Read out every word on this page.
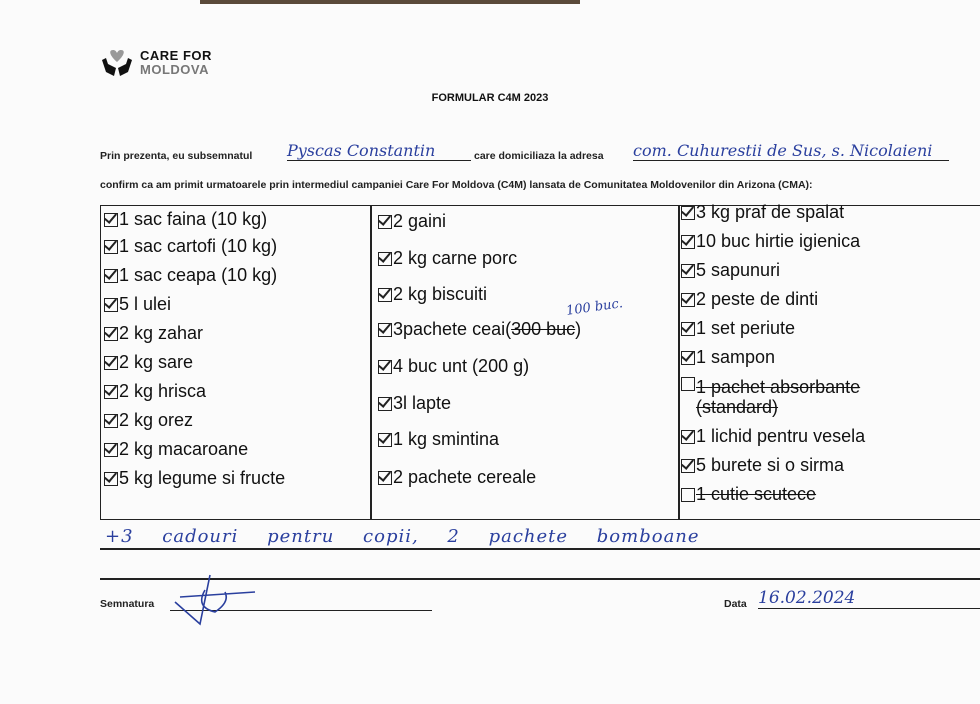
CARE FOR
MOLDOVA
FORMULAR C4M 2023
Prin prezenta, eu subsemnatul Pyscas Constantin	care domiciliaza la adresa com. Cuhurestii de Sus, s. Nicolaieni
confirm ca am primit urmatoarele prin intermediul campaniei Care For Moldova (C4M) lansata de Comunitatea Moldovenilor din Arizona (CMA):
1 sac faina (10 kg)
1 sac cartofi (10 kg)
1 sac ceapa (10 kg)
5 l ulei
2 kg zahar
2 kg sare
2 kg hrisca
2 kg orez
2 kg macaroane
5 kg legume si fructe
2 gaini
2 kg carne porc
2 kg biscuiti
3pachete ceai( 300 buc )
4 buc unt (200 g)
3l lapte
1 kg smintina
2 pachete cereale
3 kg praf de spalat
10 buc hirtie igienica
5 sapunuri
2 peste de dinti
1 set periute
1 sampon
1 pachet absorbante (standard)
1 lichid pentru vesela
5 burete si o sirma
1 cutie scutece
100 buc.
+3 cadouri pentru copii, 2 pachete bomboane
Semnatura	Data 16.02.2024
